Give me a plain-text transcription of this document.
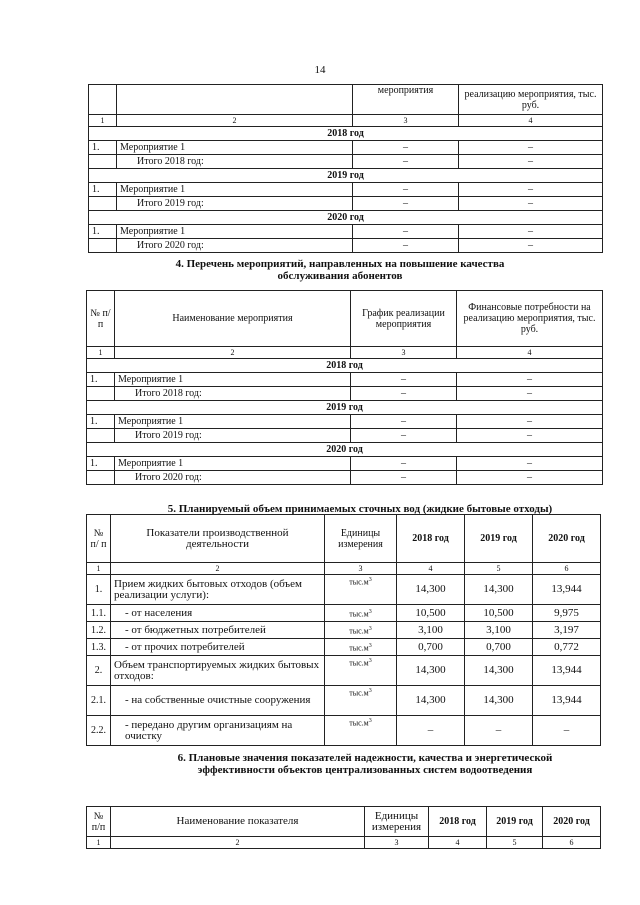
14
		мероприятия	реализацию мероприятия, тыс. руб.
1	2	3	4
2018 год			
1.	Мероприятие 1	–	–
	Итого 2018 год:	–	–
2019 год			
1.	Мероприятие 1	–	–
	Итого 2019 год:	–	–
2020 год			
1.	Мероприятие 1	–	–
	Итого 2020 год:	–	–
4. Перечень мероприятий, направленных на повышение качества
обслуживания абонентов
№ п/п	Наименование мероприятия	График реализации мероприятия	Финансовые потребности на реализацию мероприятия, тыс. руб.
1	2	3	4
2018 год			
1.	Мероприятие 1	–	–
	Итого 2018 год:	–	–
2019 год			
1.	Мероприятие 1	–	–
	Итого 2019 год:	–	–
2020 год			
1.	Мероприятие 1	–	–
	Итого 2020 год:	–	–
5. Планируемый объем принимаемых сточных вод (жидкие бытовые отходы)
№ п/ п	Показатели производственной деятельности	Единицы измерения	2018 год	2019 год	2020 год
1	2	3	4	5	6
1.	Прием жидких бытовых отходов (объем реализации услуги):	$тыс.м^3$	14,300	14,300	13,944
1.1.	- от населения	$тыс.м^3$	10,500	10,500	9,975
1.2.	- от бюджетных потребителей	$тыс.м^3$	3,100	3,100	3,197
1.3.	- от прочих потребителей	$тыс.м^3$	0,700	0,700	0,772
2.	Объем транспортируемых жидких бытовых отходов:	$тыс.м^3$	14,300	14,300	13,944
2.1.	- на собственные очистные сооружения	$тыс.м^3$	14,300	14,300	13,944
2.2.	- передано другим организациям на очистку	$тыс.м^3$	–	–	–
6. Плановые значения показателей надежности, качества и энергетической
эффективности объектов централизованных систем водоотведения
№ п/п	Наименование показателя	Единицы измерения	2018 год	2019 год	2020 год
1	2	3	4	5	6
